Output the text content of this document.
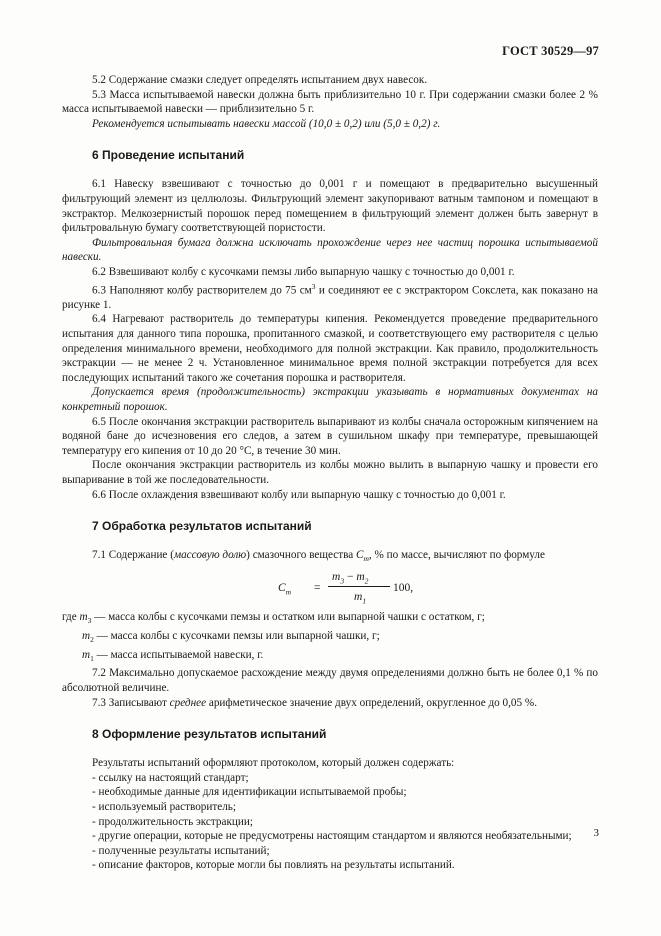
ГОСТ 30529—97

5.2 Содержание смазки следует определять испытанием двух навесок.

5.3 Масса испытываемой навески должна быть приблизительно 10 г. При содержании смазки более 2 % масса испытываемой навески — приблизительно 5 г.

Рекомендуется испытывать навески массой (10,0 ± 0,2) или (5,0 ± 0,2) г.

6 Проведение испытаний

6.1 Навеску взвешивают с точностью до 0,001 г и помещают в предварительно высушенный фильтрующий элемент из целлюлозы. Фильтрующий элемент закупоривают ватным тампоном и помещают в экстрактор. Мелкозернистый порошок перед помещением в фильтрующий элемент должен быть завернут в фильтровальную бумагу соответствующей пористости.

Фильтровальная бумага должна исключать прохождение через нее частиц порошка испытываемой навески.

6.2 Взвешивают колбу с кусочками пемзы либо выпарную чашку с точностью до 0,001 г.

6.3 Наполняют колбу растворителем до 75 $см^3$ и соединяют ее с экстрактором Сокслета, как показано на рисунке 1.

6.4 Нагревают растворитель до температуры кипения. Рекомендуется проведение предварительного испытания для данного типа порошка, пропитанного смазкой, и соответствующего ему растворителя с целью определения минимального времени, необходимого для полной экстракции. Как правило, продолжительность экстракции — не менее 2 ч. Установленное минимальное время полной экстракции потребуется для всех последующих испытаний такого же сочетания порошка и растворителя.

Допускается время (продолжительность) экстракции указывать в нормативных документах на конкретный порошок.

6.5 После окончания экстракции растворитель выпаривают из колбы сначала осторожным кипячением на водяной бане до исчезновения его следов, а затем в сушильном шкафу при температуре, превышающей температуру его кипения от 10 до 20 °С, в течение 30 мин.

После окончания экстракции растворитель из колбы можно вылить в выпарную чашку и провести его выпаривание в той же последовательности.

6.6 После охлаждения взвешивают колбу или выпарную чашку с точностью до 0,001 г.

7 Обработка результатов испытаний

7.1 Содержание (массовую долю) смазочного вещества $C_m$, % по массе, вычисляют по формуле

$C_m$ =
$m_3 - m_2$
$m_1$
100,

где $m_3$ — масса колбы с кусочками пемзы и остатком или выпарной чашки с остатком, г;

$m_2$ — масса колбы с кусочками пемзы или выпарной чашки, г;

$m_1$ — масса испытываемой навески, г.

7.2 Максимально допускаемое расхождение между двумя определениями должно быть не более 0,1 % по абсолютной величине.

7.3 Записывают среднее арифметическое значение двух определений, округленное до 0,05 %.

8 Оформление результатов испытаний

Результаты испытаний оформляют протоколом, который должен содержать:

- ссылку на настоящий стандарт;

- необходимые данные для идентификации испытываемой пробы;

- используемый растворитель;

- продолжительность экстракции;

- другие операции, которые не предусмотрены настоящим стандартом и являются необязательными;

- полученные результаты испытаний;

- описание факторов, которые могли бы повлиять на результаты испытаний.

3
